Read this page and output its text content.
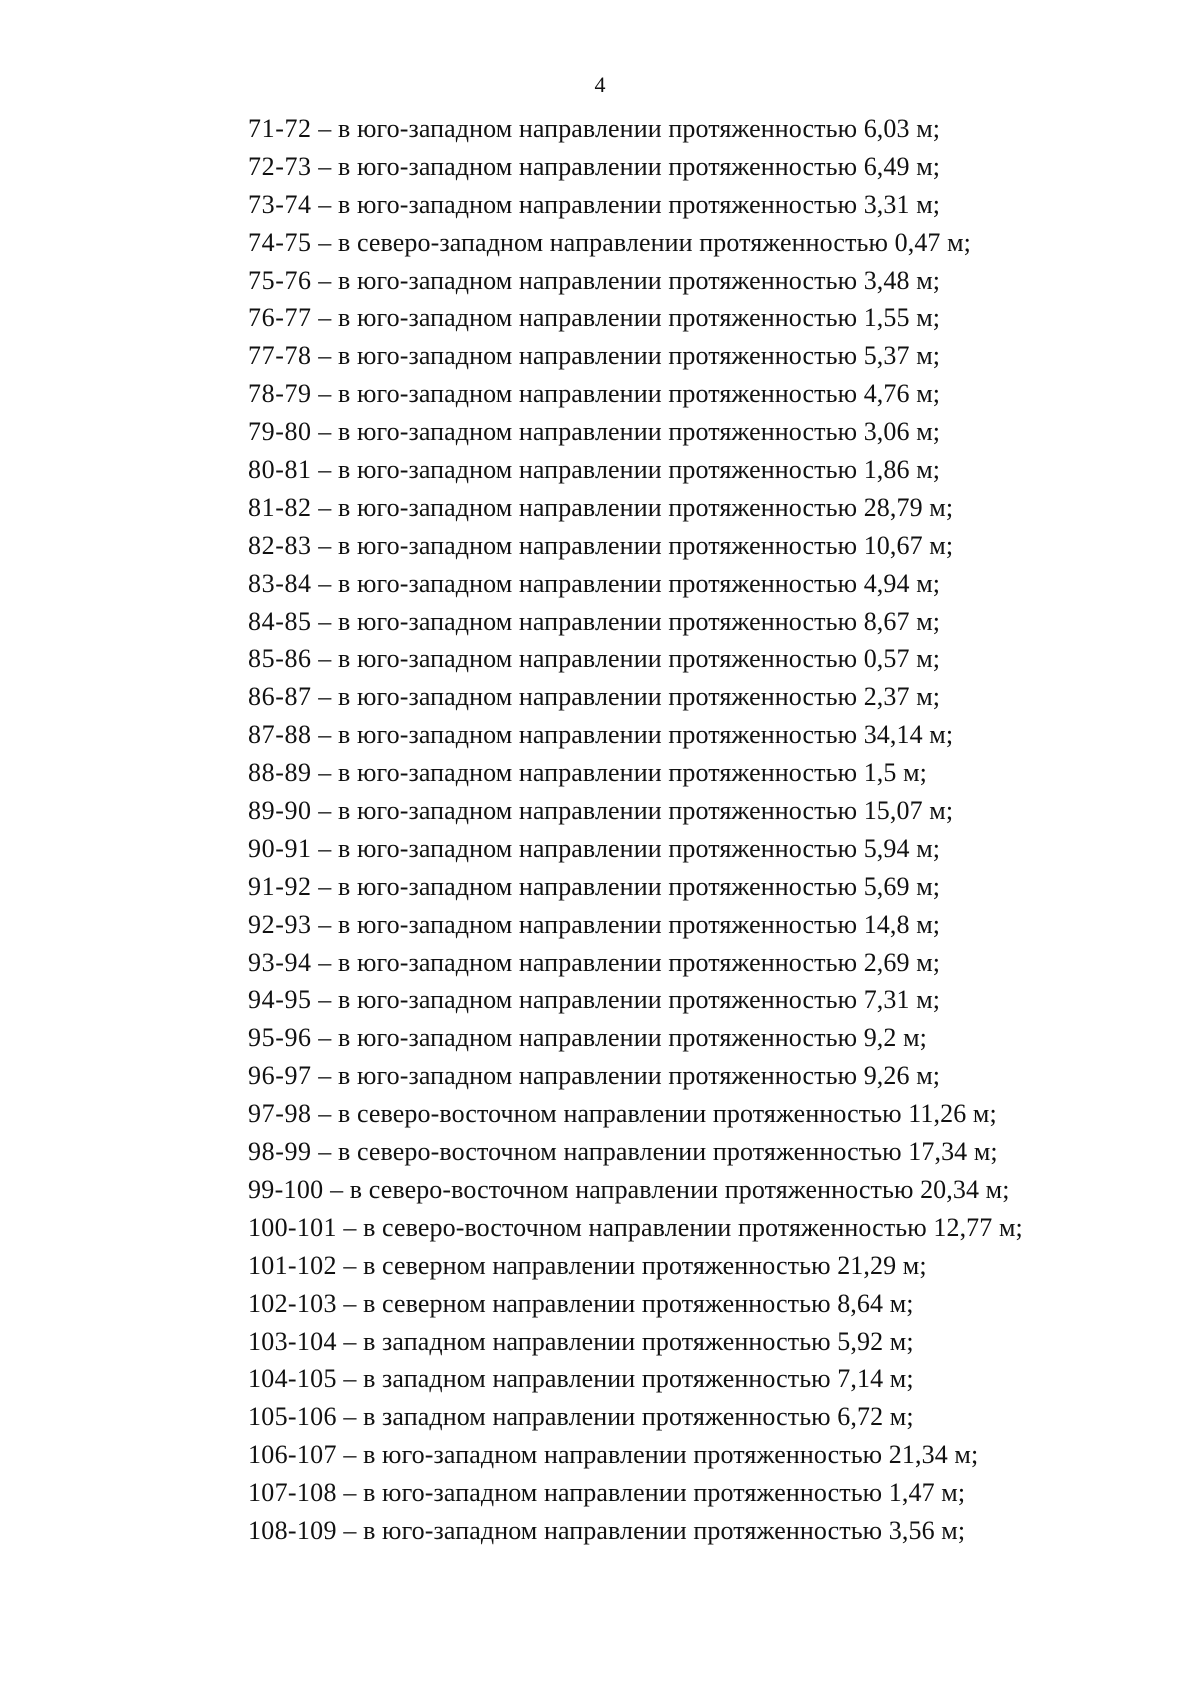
4
71-72 – в юго-западном направлении протяженностью 6,03 м;
72-73 – в юго-западном направлении протяженностью 6,49 м;
73-74 – в юго-западном направлении протяженностью 3,31 м;
74-75 – в северо-западном направлении протяженностью 0,47 м;
75-76 – в юго-западном направлении протяженностью 3,48 м;
76-77 – в юго-западном направлении протяженностью 1,55 м;
77-78 – в юго-западном направлении протяженностью 5,37 м;
78-79 – в юго-западном направлении протяженностью 4,76 м;
79-80 – в юго-западном направлении протяженностью 3,06 м;
80-81 – в юго-западном направлении протяженностью 1,86 м;
81-82 – в юго-западном направлении протяженностью 28,79 м;
82-83 – в юго-западном направлении протяженностью 10,67 м;
83-84 – в юго-западном направлении протяженностью 4,94 м;
84-85 – в юго-западном направлении протяженностью 8,67 м;
85-86 – в юго-западном направлении протяженностью 0,57 м;
86-87 – в юго-западном направлении протяженностью 2,37 м;
87-88 – в юго-западном направлении протяженностью 34,14 м;
88-89 – в юго-западном направлении протяженностью 1,5 м;
89-90 – в юго-западном направлении протяженностью 15,07 м;
90-91 – в юго-западном направлении протяженностью 5,94 м;
91-92 – в юго-западном направлении протяженностью 5,69 м;
92-93 – в юго-западном направлении протяженностью 14,8 м;
93-94 – в юго-западном направлении протяженностью 2,69 м;
94-95 – в юго-западном направлении протяженностью 7,31 м;
95-96 – в юго-западном направлении протяженностью 9,2 м;
96-97 – в юго-западном направлении протяженностью 9,26 м;
97-98 – в северо-восточном направлении протяженностью 11,26 м;
98-99 – в северо-восточном направлении протяженностью 17,34 м;
99-100 – в северо-восточном направлении протяженностью 20,34 м;
100-101 – в северо-восточном направлении протяженностью 12,77 м;
101-102 – в северном направлении протяженностью 21,29 м;
102-103 – в северном направлении протяженностью 8,64 м;
103-104 – в западном направлении протяженностью 5,92 м;
104-105 – в западном направлении протяженностью 7,14 м;
105-106 – в западном направлении протяженностью 6,72 м;
106-107 – в юго-западном направлении протяженностью 21,34 м;
107-108 – в юго-западном направлении протяженностью 1,47 м;
108-109 – в юго-западном направлении протяженностью 3,56 м;
